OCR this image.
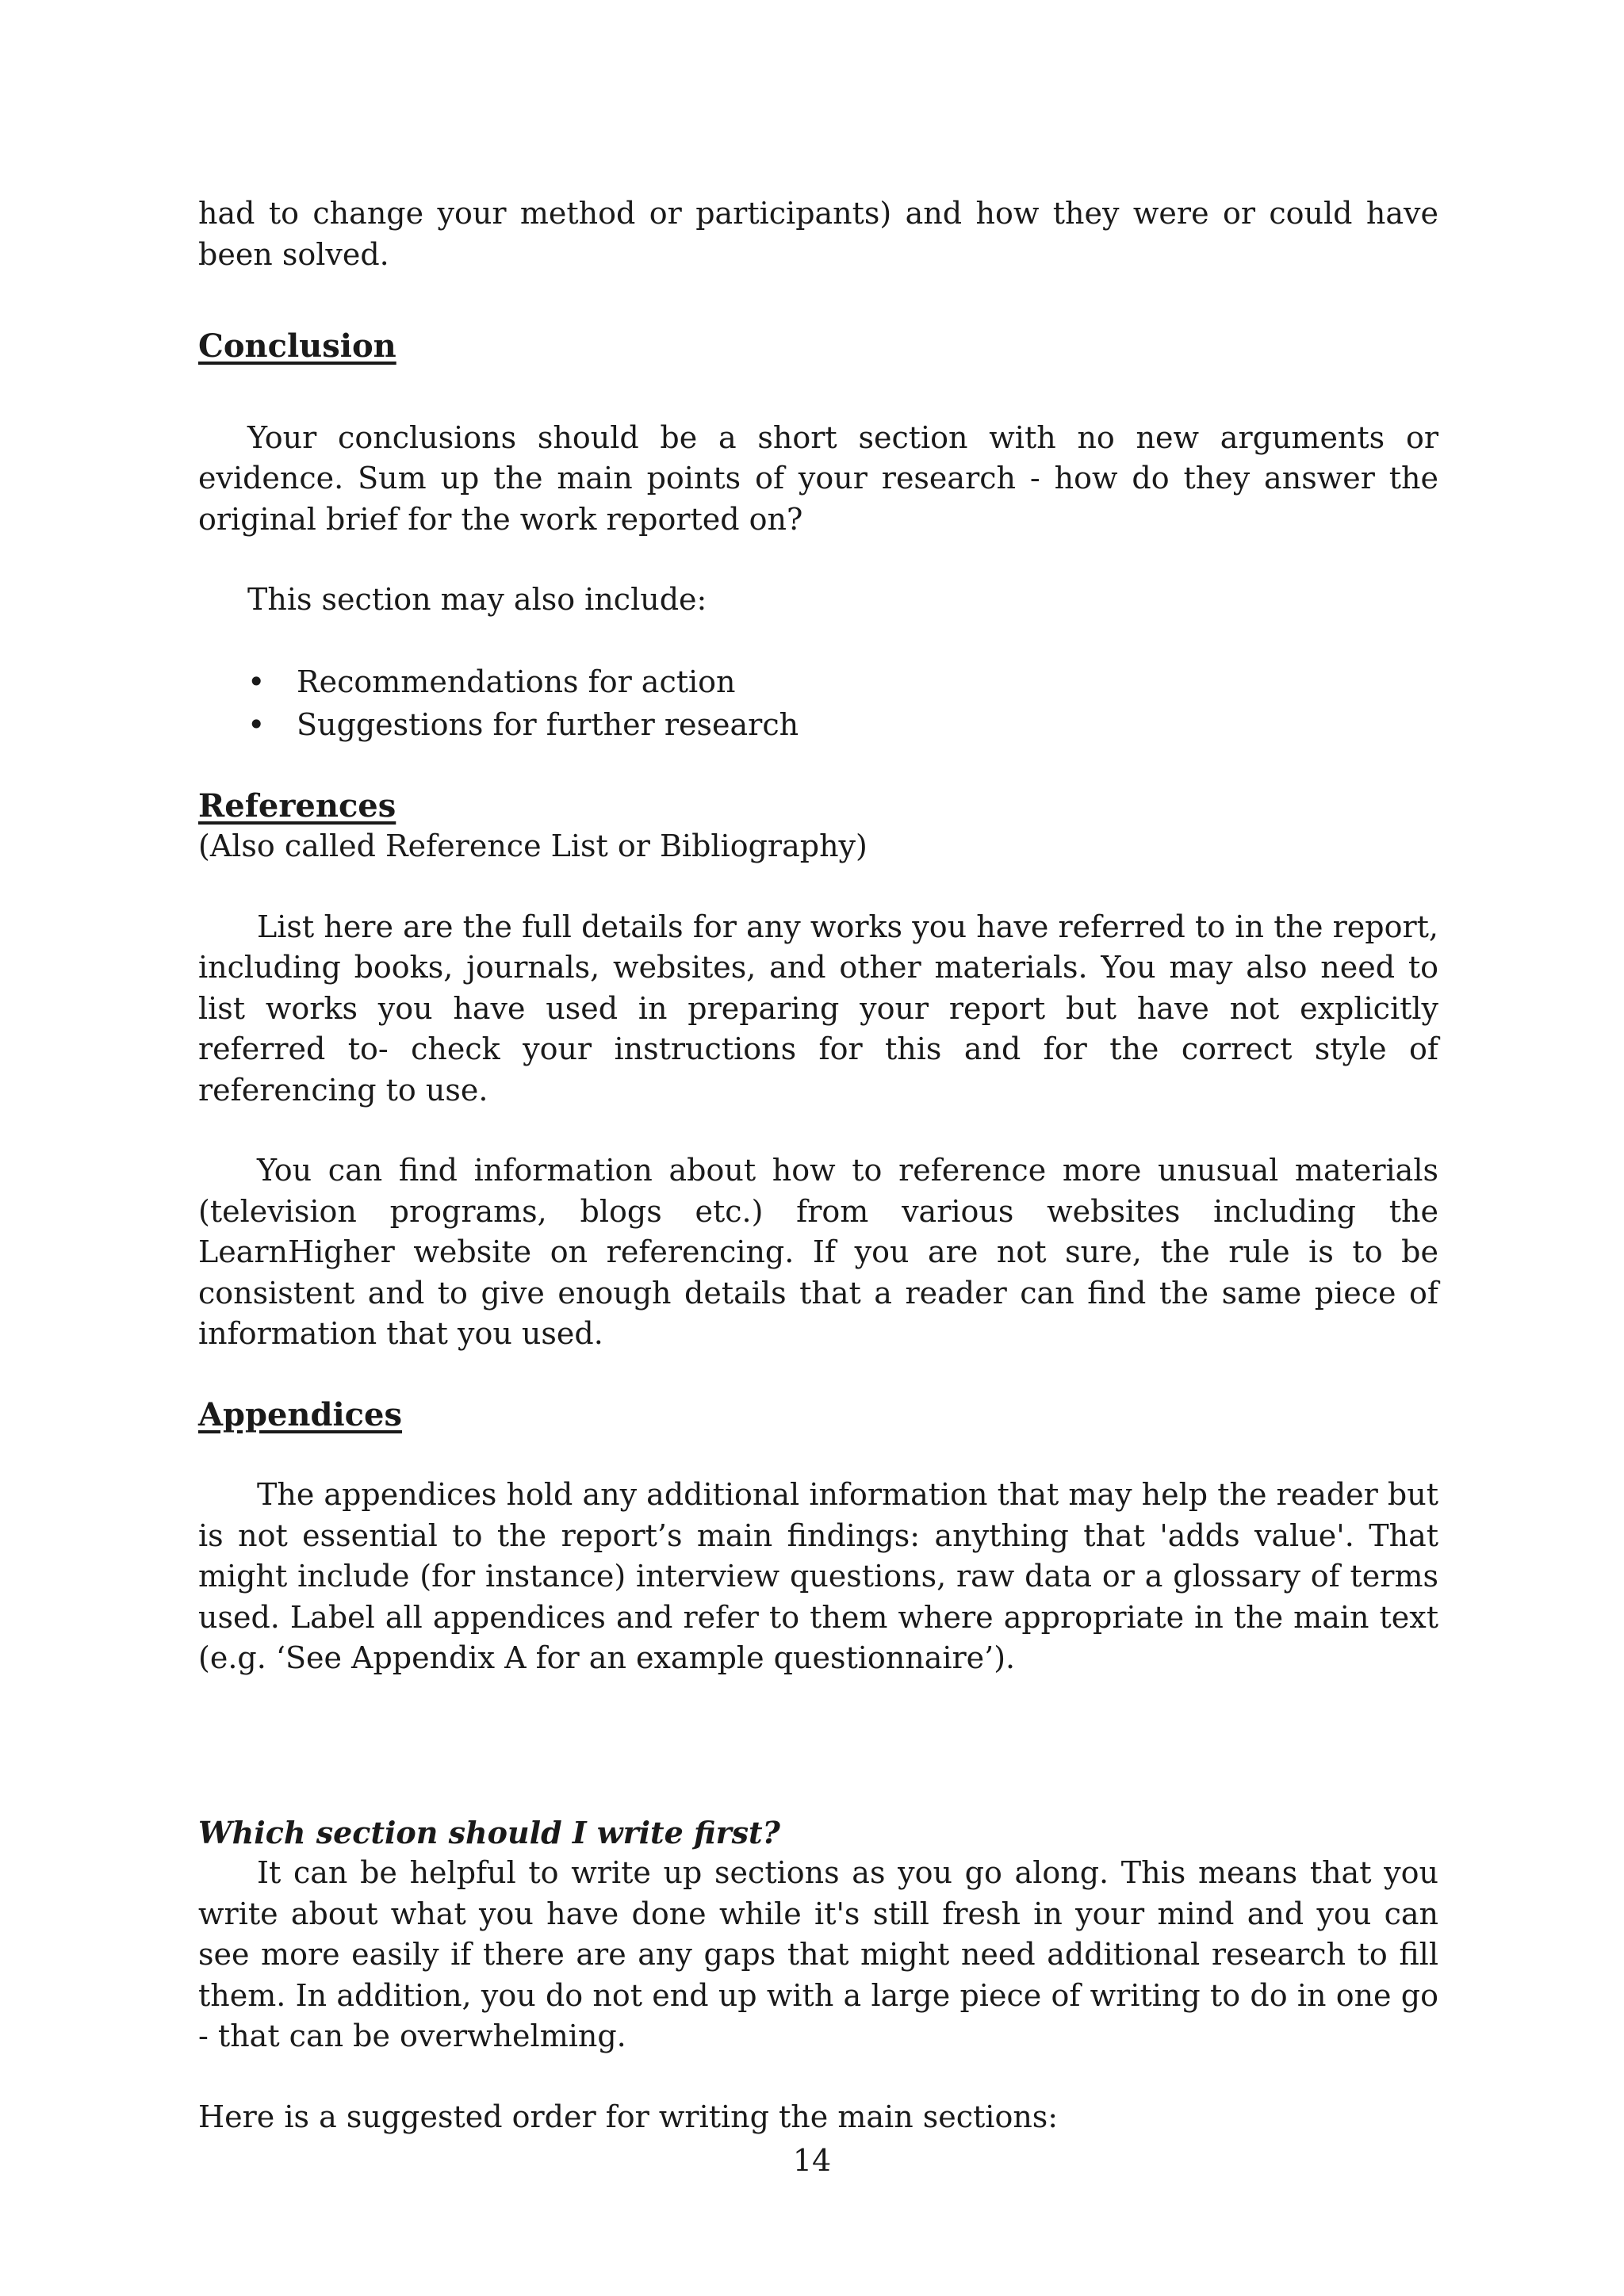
had to change your method or participants) and how they were or could have been solved.

Conclusion

Your conclusions should be a short section with no new arguments or evidence. Sum up the main points of your research - how do they answer the original brief for the work reported on?

This section may also include:

• Recommendations for action
• Suggestions for further research
References

(Also called Reference List or Bibliography)

List here are the full details for any works you have referred to in the report, including books, journals, websites, and other materials. You may also need to list works you have used in preparing your report but have not explicitly referred to- check your instructions for this and for the correct style of referencing to use.

You can find information about how to reference more unusual materials (television programs, blogs etc.) from various websites including the LearnHigher website on referencing. If you are not sure, the rule is to be consistent and to give enough details that a reader can find the same piece of information that you used.

Appendices

The appendices hold any additional information that may help the reader but is not essential to the report’s main findings: anything that 'adds value'. That might include (for instance) interview questions, raw data or a glossary of terms used. Label all appendices and refer to them where appropriate in the main text (e.g. ‘See Appendix A for an example questionnaire’).

Which section should I write first?

It can be helpful to write up sections as you go along. This means that you write about what you have done while it's still fresh in your mind and you can see more easily if there are any gaps that might need additional research to fill them. In addition, you do not end up with a large piece of writing to do in one go - that can be overwhelming.

Here is a suggested order for writing the main sections:

14
